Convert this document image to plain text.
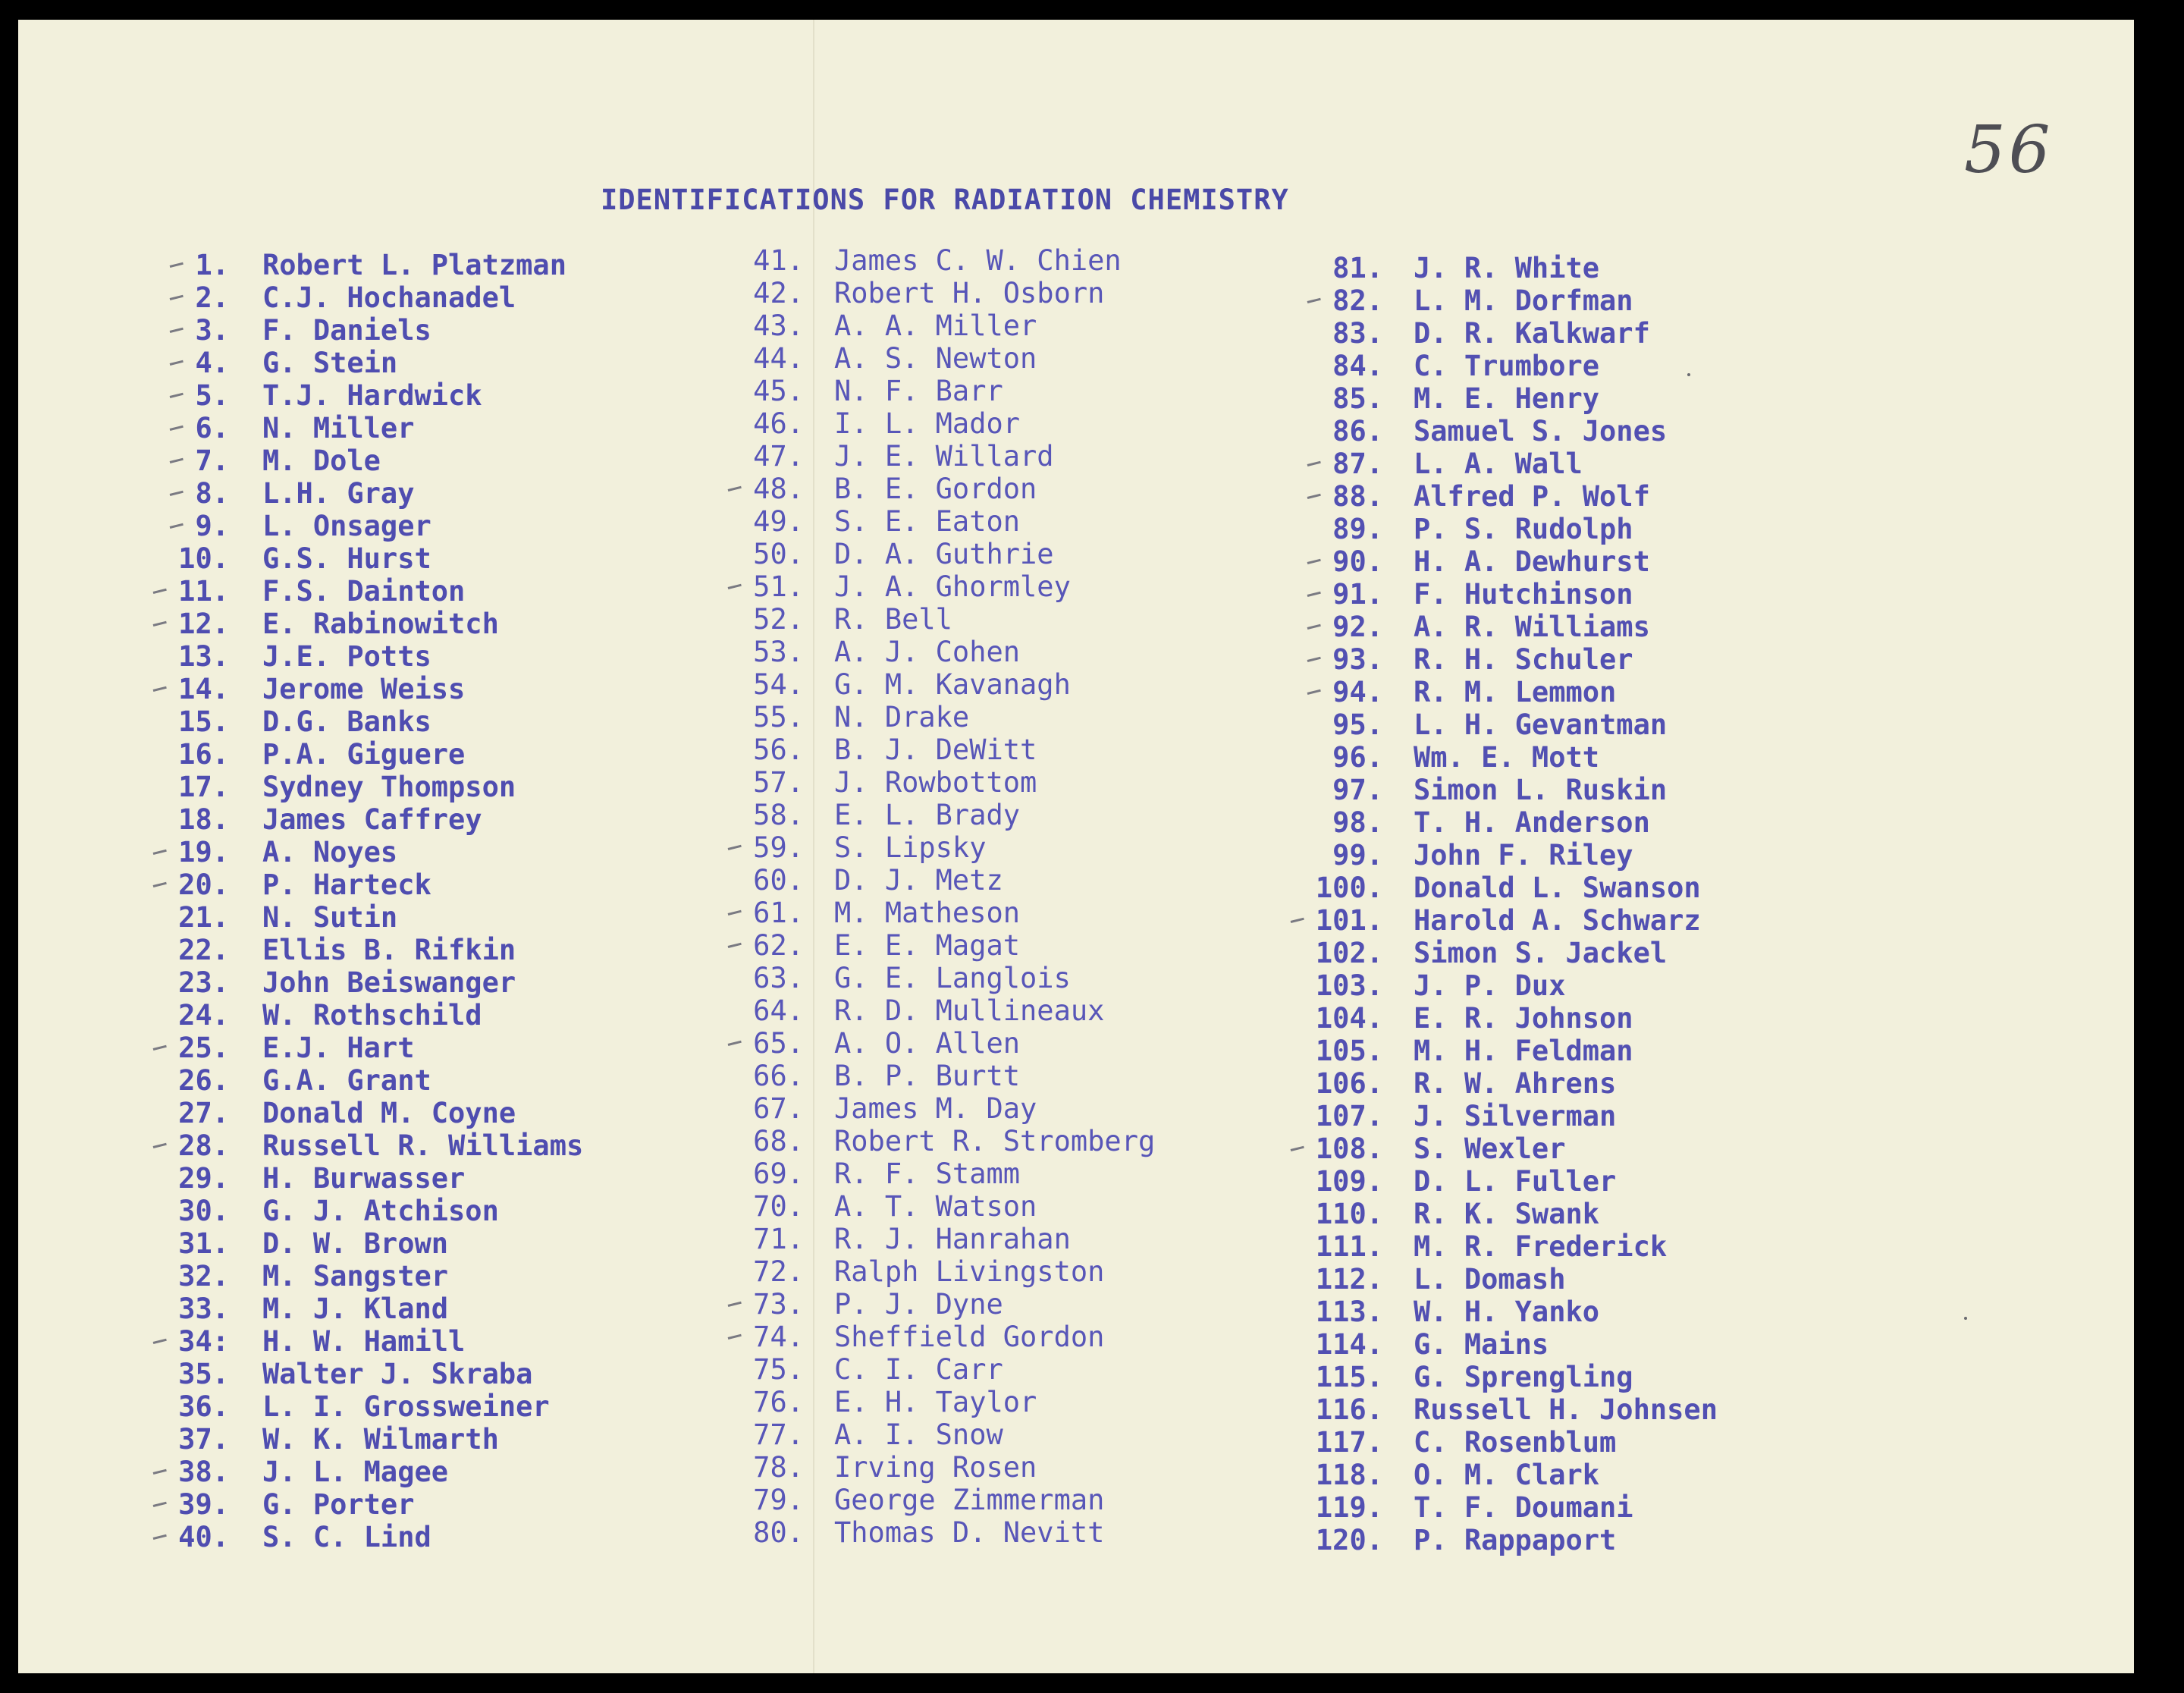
56
IDENTIFICATIONS FOR RADIATION CHEMISTRY
1. Robert L. Platzman
2. C.J. Hochanadel
3. F. Daniels
4. G. Stein
5. T.J. Hardwick
6. N. Miller
7. M. Dole
8. L.H. Gray
9. L. Onsager
10. G.S. Hurst
11. F.S. Dainton
12. E. Rabinowitch
13. J.E. Potts
14. Jerome Weiss
15. D.G. Banks
16. P.A. Giguere
17. Sydney Thompson
18. James Caffrey
19. A. Noyes
20. P. Harteck
21. N. Sutin
22. Ellis B. Rifkin
23. John Beiswanger
24. W. Rothschild
25. E.J. Hart
26. G.A. Grant
27. Donald M. Coyne
28. Russell R. Williams
29. H. Burwasser
30. G. J. Atchison
31. D. W. Brown
32. M. Sangster
33. M. J. Kland
34: H. W. Hamill
35. Walter J. Skraba
36. L. I. Grossweiner
37. W. K. Wilmarth
38. J. L. Magee
39. G. Porter
40. S. C. Lind
41. James C. W. Chien
42. Robert H. Osborn
43. A. A. Miller
44. A. S. Newton
45. N. F. Barr
46. I. L. Mador
47. J. E. Willard
48. B. E. Gordon
49. S. E. Eaton
50. D. A. Guthrie
51. J. A. Ghormley
52. R. Bell
53. A. J. Cohen
54. G. M. Kavanagh
55. N. Drake
56. B. J. DeWitt
57. J. Rowbottom
58. E. L. Brady
59. S. Lipsky
60. D. J. Metz
61. M. Matheson
62. E. E. Magat
63. G. E. Langlois
64. R. D. Mullineaux
65. A. O. Allen
66. B. P. Burtt
67. James M. Day
68. Robert R. Stromberg
69. R. F. Stamm
70. A. T. Watson
71. R. J. Hanrahan
72. Ralph Livingston
73. P. J. Dyne
74. Sheffield Gordon
75. C. I. Carr
76. E. H. Taylor
77. A. I. Snow
78. Irving Rosen
79. George Zimmerman
80. Thomas D. Nevitt
81. J. R. White
82. L. M. Dorfman
83. D. R. Kalkwarf
84. C. Trumbore
85. M. E. Henry
86. Samuel S. Jones
87. L. A. Wall
88. Alfred P. Wolf
89. P. S. Rudolph
90. H. A. Dewhurst
91. F. Hutchinson
92. A. R. Williams
93. R. H. Schuler
94. R. M. Lemmon
95. L. H. Gevantman
96. Wm. E. Mott
97. Simon L. Ruskin
98. T. H. Anderson
99. John F. Riley
100. Donald L. Swanson
101. Harold A. Schwarz
102. Simon S. Jackel
103. J. P. Dux
104. E. R. Johnson
105. M. H. Feldman
106. R. W. Ahrens
107. J. Silverman
108. S. Wexler
109. D. L. Fuller
110. R. K. Swank
111. M. R. Frederick
112. L. Domash
113. W. H. Yanko
114. G. Mains
115. G. Sprengling
116. Russell H. Johnsen
117. C. Rosenblum
118. O. M. Clark
119. T. F. Doumani
120. P. Rappaport
